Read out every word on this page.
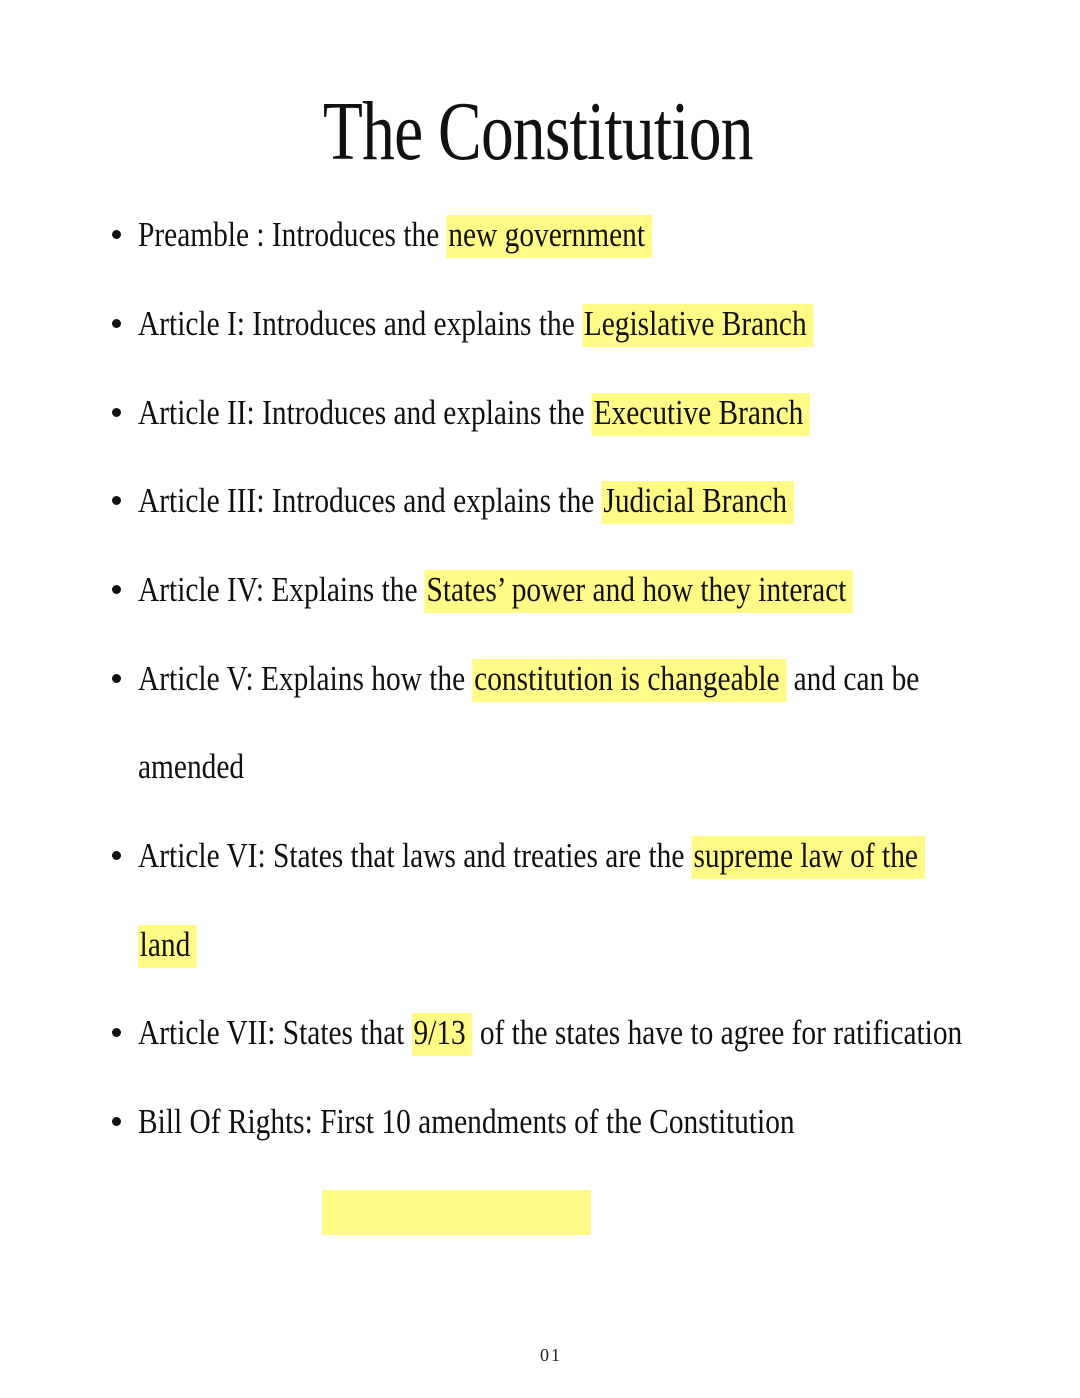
The Constitution
Preamble : Introduces the new government
Article I: Introduces and explains the Legislative Branch
Article II: Introduces and explains the Executive Branch
Article III: Introduces and explains the Judicial Branch
Article IV: Explains the States’ power and how they interact
Article V: Explains how the constitution is changeable and can be
amended
Article VI: States that laws and treaties are the supreme law of the
land
Article VII: States that 9/13 of the states have to agree for ratification
Bill Of Rights: First 10 amendments of the Constitution
01
